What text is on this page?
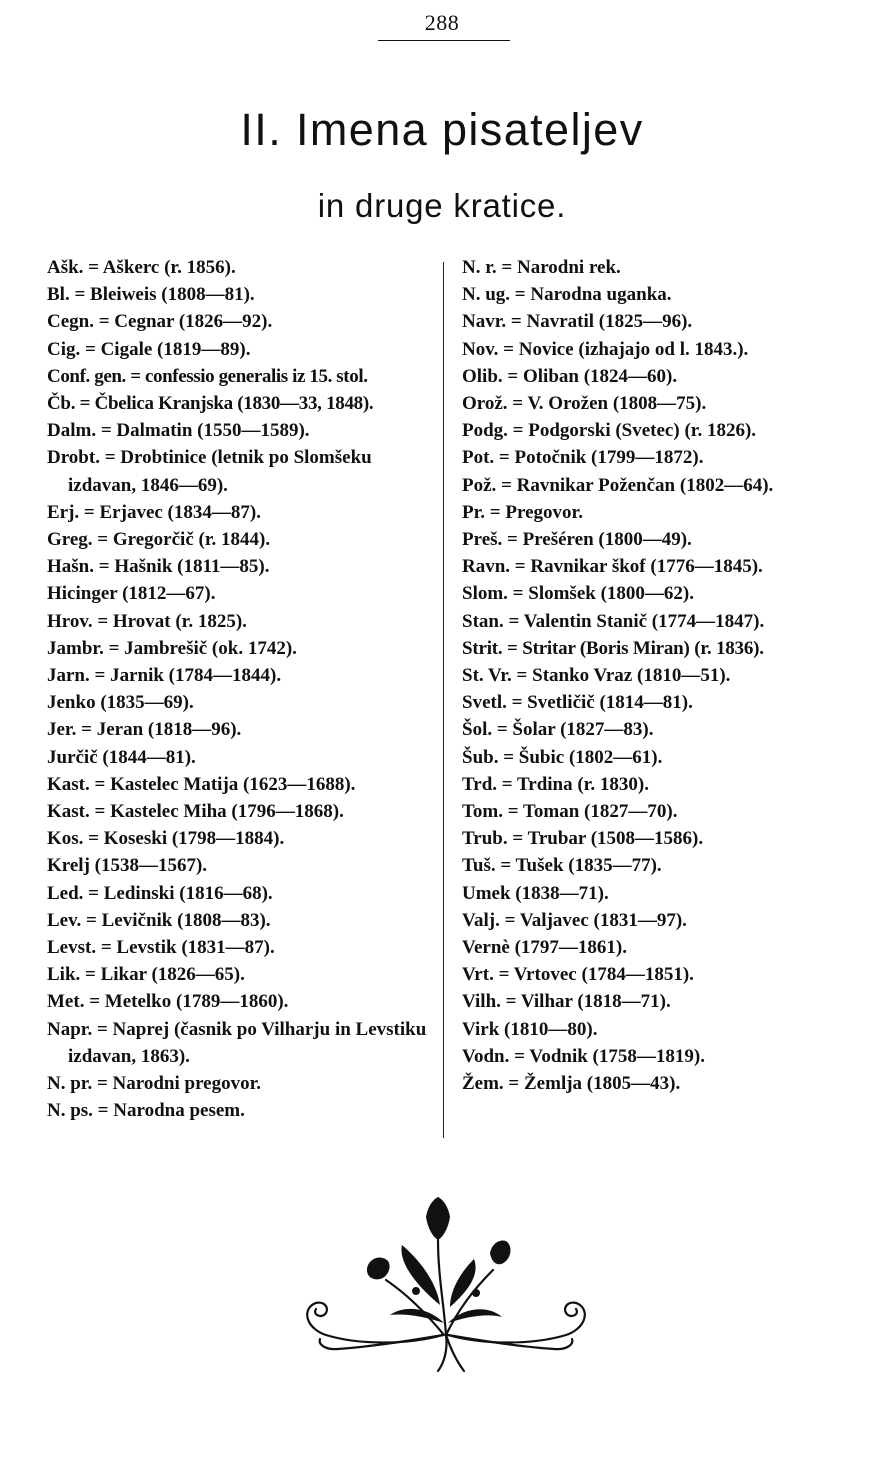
288
II. Imena pisateljev
in druge kratice.
Ašk. = Aškerc (r. 1856).
Bl. = Bleiweis (1808—81).
Cegn. = Cegnar (1826—92).
Cig. = Cigale (1819—89).
Conf. gen. = confessio generalis iz 15. stol.
Čb. = Čbelica Kranjska (1830—33, 1848).
Dalm. = Dalmatin (1550—1589).
Drobt. = Drobtinice (letnik po Slomšeku izdavan, 1846—69).
Erj. = Erjavec (1834—87).
Greg. = Gregorčič (r. 1844).
Hašn. = Hašnik (1811—85).
Hicinger (1812—67).
Hrov. = Hrovat (r. 1825).
Jambr. = Jambrešič (ok. 1742).
Jarn. = Jarnik (1784—1844).
Jenko (1835—69).
Jer. = Jeran (1818—96).
Jurčič (1844—81).
Kast. = Kastelec Matija (1623—1688).
Kast. = Kastelec Miha (1796—1868).
Kos. = Koseski (1798—1884).
Krelj (1538—1567).
Led. = Ledinski (1816—68).
Lev. = Levičnik (1808—83).
Levst. = Levstik (1831—87).
Lik. = Likar (1826—65).
Met. = Metelko (1789—1860).
Napr. = Naprej (časnik po Vilharju in Levstiku izdavan, 1863).
N. pr. = Narodni pregovor.
N. ps. = Narodna pesem.
N. r. = Narodni rek.
N. ug. = Narodna uganka.
Navr. = Navratil (1825—96).
Nov. = Novice (izhajajo od l. 1843.).
Olib. = Oliban (1824—60).
Orož. = V. Orožen (1808—75).
Podg. = Podgorski (Svetec) (r. 1826).
Pot. = Potočnik (1799—1872).
Pož. = Ravnikar Poženčan (1802—64).
Pr. = Pregovor.
Preš. = Prešéren (1800—49).
Ravn. = Ravnikar škof (1776—1845).
Slom. = Slomšek (1800—62).
Stan. = Valentin Stanič (1774—1847).
Strit. = Stritar (Boris Miran) (r. 1836).
St. Vr. = Stanko Vraz (1810—51).
Svetl. = Svetličič (1814—81).
Šol. = Šolar (1827—83).
Šub. = Šubic (1802—61).
Trd. = Trdina (r. 1830).
Tom. = Toman (1827—70).
Trub. = Trubar (1508—1586).
Tuš. = Tušek (1835—77).
Umek (1838—71).
Valj. = Valjavec (1831—97).
Vernè (1797—1861).
Vrt. = Vrtovec (1784—1851).
Vilh. = Vilhar (1818—71).
Virk (1810—80).
Vodn. = Vodnik (1758—1819).
Žem. = Žemlja (1805—43).
